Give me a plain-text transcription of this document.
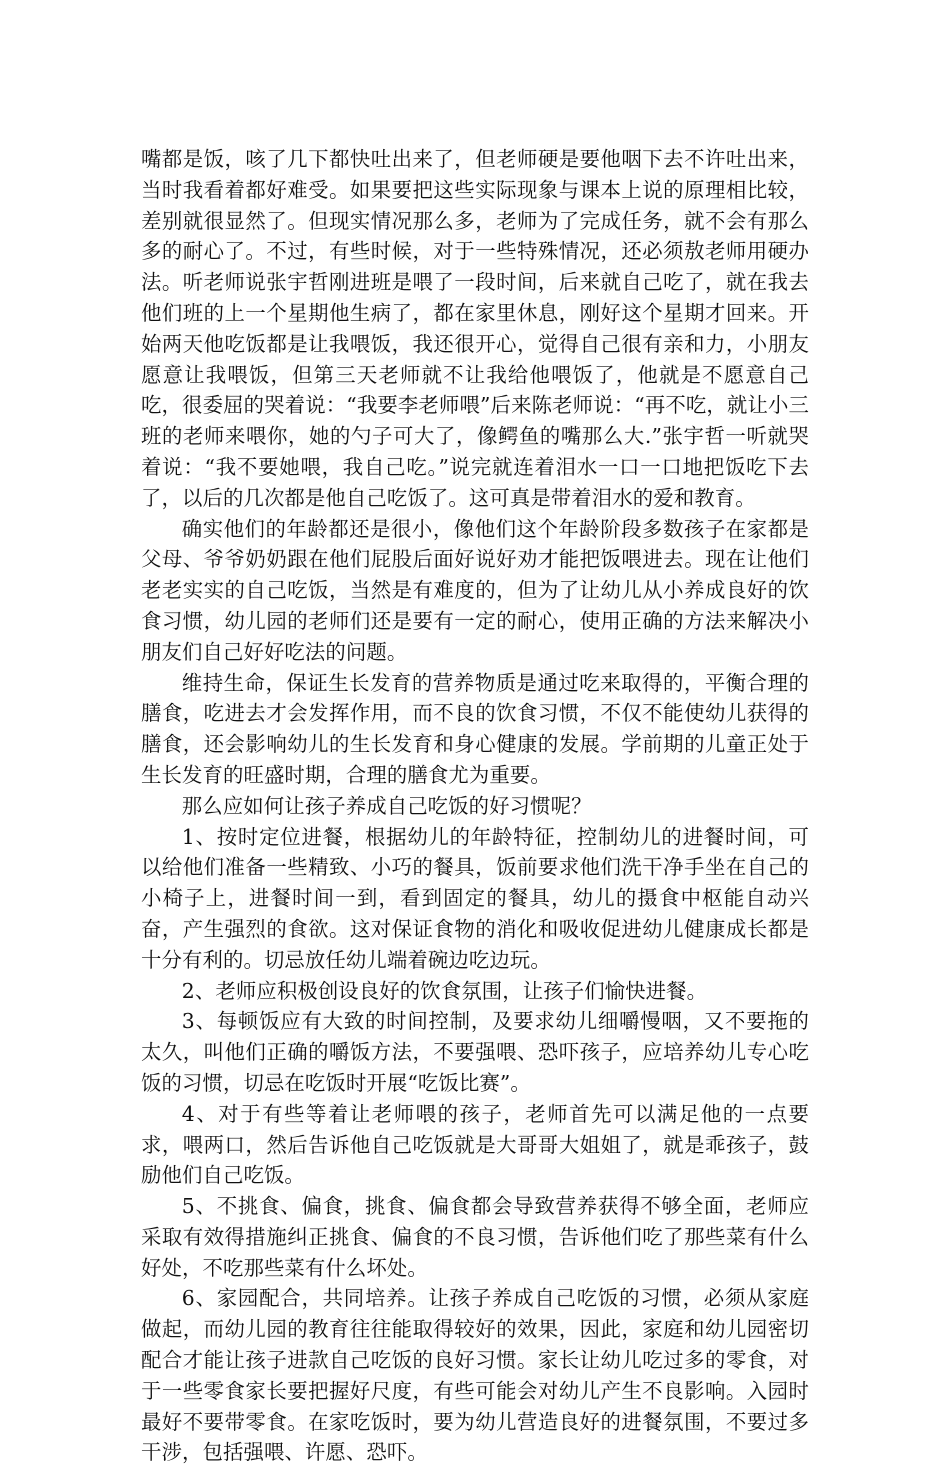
嘴都是饭，咳了几下都快吐出来了，但老师硬是要他咽下去不许吐出来，当时我看着都好难受。如果要把这些实际现象与课本上说的原理相比较，差别就很显然了。但现实情况那么多，老师为了完成任务，就不会有那么多的耐心了。不过，有些时候，对于一些特殊情况，还必须敖老师用硬办法。听老师说张宇哲刚进班是喂了一段时间，后来就自己吃了，就在我去他们班的上一个星期他生病了，都在家里休息，刚好这个星期才回来。开始两天他吃饭都是让我喂饭，我还很开心，觉得自己很有亲和力，小朋友愿意让我喂饭，但第三天老师就不让我给他喂饭了，他就是不愿意自己吃，很委屈的哭着说：“我要李老师喂”后来陈老师说：“再不吃，就让小三班的老师来喂你，她的勺子可大了，像鳄鱼的嘴那么大.”张宇哲一听就哭着说：“我不要她喂，我自己吃。”说完就连着泪水一口一口地把饭吃下去了，以后的几次都是他自己吃饭了。这可真是带着泪水的爱和教育。

确实他们的年龄都还是很小，像他们这个年龄阶段多数孩子在家都是父母、爷爷奶奶跟在他们屁股后面好说好劝才能把饭喂进去。现在让他们老老实实的自己吃饭，当然是有难度的，但为了让幼儿从小养成良好的饮食习惯，幼儿园的老师们还是要有一定的耐心，使用正确的方法来解决小朋友们自己好好吃法的问题。

维持生命，保证生长发育的营养物质是通过吃来取得的，平衡合理的膳食，吃进去才会发挥作用，而不良的饮食习惯，不仅不能使幼儿获得的膳食，还会影响幼儿的生长发育和身心健康的发展。学前期的儿童正处于生长发育的旺盛时期，合理的膳食尤为重要。

那么应如何让孩子养成自己吃饭的好习惯呢？

1、按时定位进餐，根据幼儿的年龄特征，控制幼儿的进餐时间，可以给他们准备一些精致、小巧的餐具，饭前要求他们洗干净手坐在自己的小椅子上，进餐时间一到，看到固定的餐具，幼儿的摄食中枢能自动兴奋，产生强烈的食欲。这对保证食物的消化和吸收促进幼儿健康成长都是十分有利的。切忌放任幼儿端着碗边吃边玩。

2、老师应积极创设良好的饮食氛围，让孩子们愉快进餐。

3、每顿饭应有大致的时间控制，及要求幼儿细嚼慢咽，又不要拖的太久，叫他们正确的嚼饭方法，不要强喂、恐吓孩子，应培养幼儿专心吃饭的习惯，切忌在吃饭时开展“吃饭比赛”。

4、对于有些等着让老师喂的孩子，老师首先可以满足他的一点要求，喂两口，然后告诉他自己吃饭就是大哥哥大姐姐了，就是乖孩子，鼓励他们自己吃饭。

5、不挑食、偏食，挑食、偏食都会导致营养获得不够全面，老师应采取有效得措施纠正挑食、偏食的不良习惯，告诉他们吃了那些菜有什么好处，不吃那些菜有什么坏处。

6、家园配合，共同培养。让孩子养成自己吃饭的习惯，必须从家庭做起，而幼儿园的教育往往能取得较好的效果，因此，家庭和幼儿园密切配合才能让孩子进款自己吃饭的良好习惯。家长让幼儿吃过多的零食，对于一些零食家长要把握好尺度，有些可能会对幼儿产生不良影响。入园时最好不要带零食。在家吃饭时，要为幼儿营造良好的进餐氛围，不要过多干涉，包括强喂、许愿、恐吓。
